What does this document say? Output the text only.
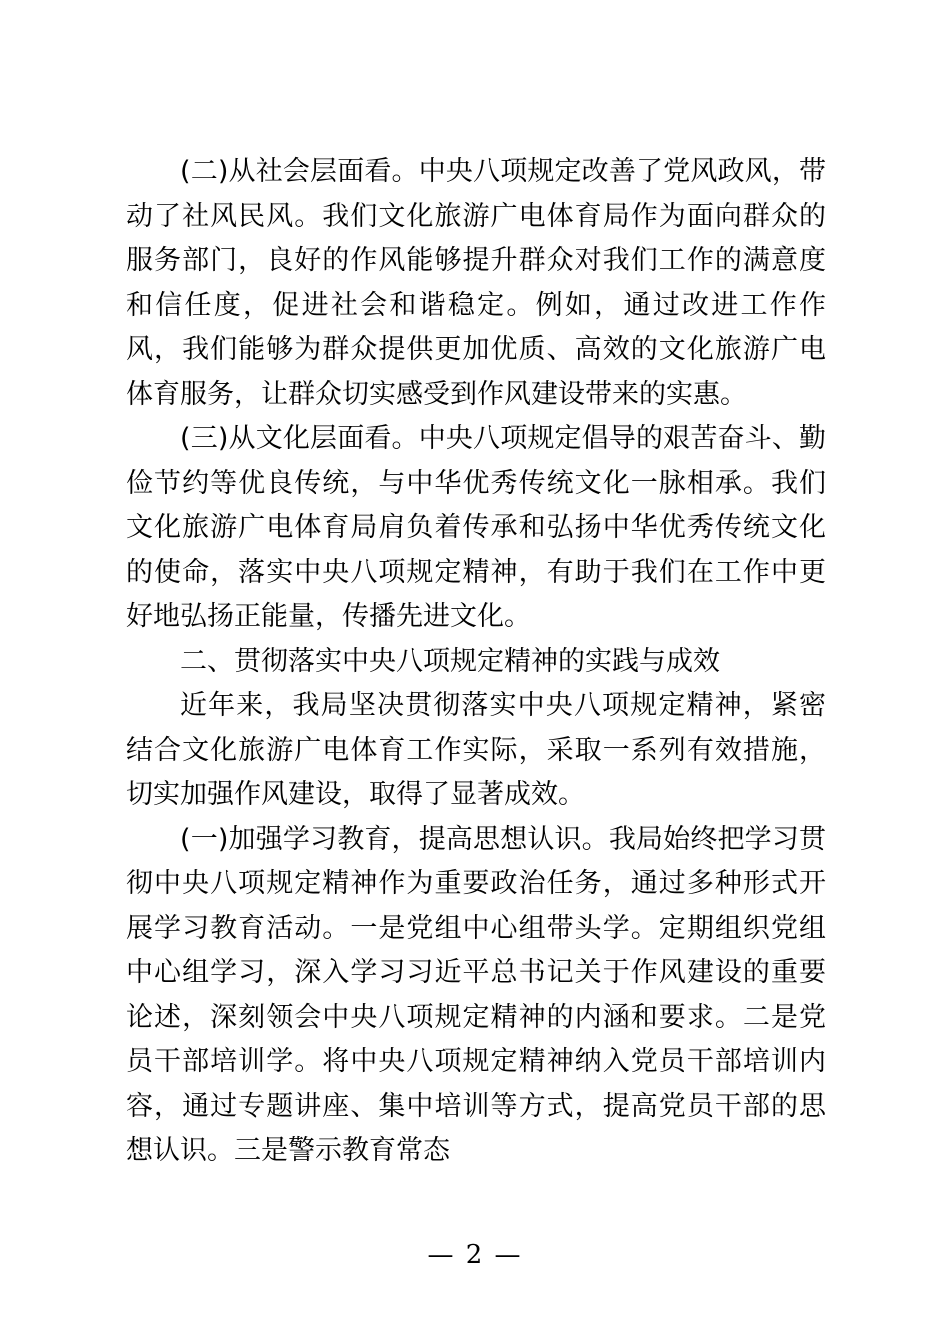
(二)从社会层面看。中央八项规定改善了党风政风，带动了社风民风。我们文化旅游广电体育局作为面向群众的服务部门，良好的作风能够提升群众对我们工作的满意度和信任度，促进社会和谐稳定。例如，通过改进工作作风，我们能够为群众提供更加优质、高效的文化旅游广电体育服务，让群众切实感受到作风建设带来的实惠。

(三)从文化层面看。中央八项规定倡导的艰苦奋斗、勤俭节约等优良传统，与中华优秀传统文化一脉相承。我们文化旅游广电体育局肩负着传承和弘扬中华优秀传统文化的使命，落实中央八项规定精神，有助于我们在工作中更好地弘扬正能量，传播先进文化。

二、贯彻落实中央八项规定精神的实践与成效

近年来，我局坚决贯彻落实中央八项规定精神，紧密结合文化旅游广电体育工作实际，采取一系列有效措施，切实加强作风建设，取得了显著成效。

(一)加强学习教育，提高思想认识。我局始终把学习贯彻中央八项规定精神作为重要政治任务，通过多种形式开展学习教育活动。一是党组中心组带头学。定期组织党组中心组学习，深入学习习近平总书记关于作风建设的重要论述，深刻领会中央八项规定精神的内涵和要求。二是党员干部培训学。将中央八项规定精神纳入党员干部培训内容，通过专题讲座、集中培训等方式，提高党员干部的思想认识。三是警示教育常态

— 2 —
